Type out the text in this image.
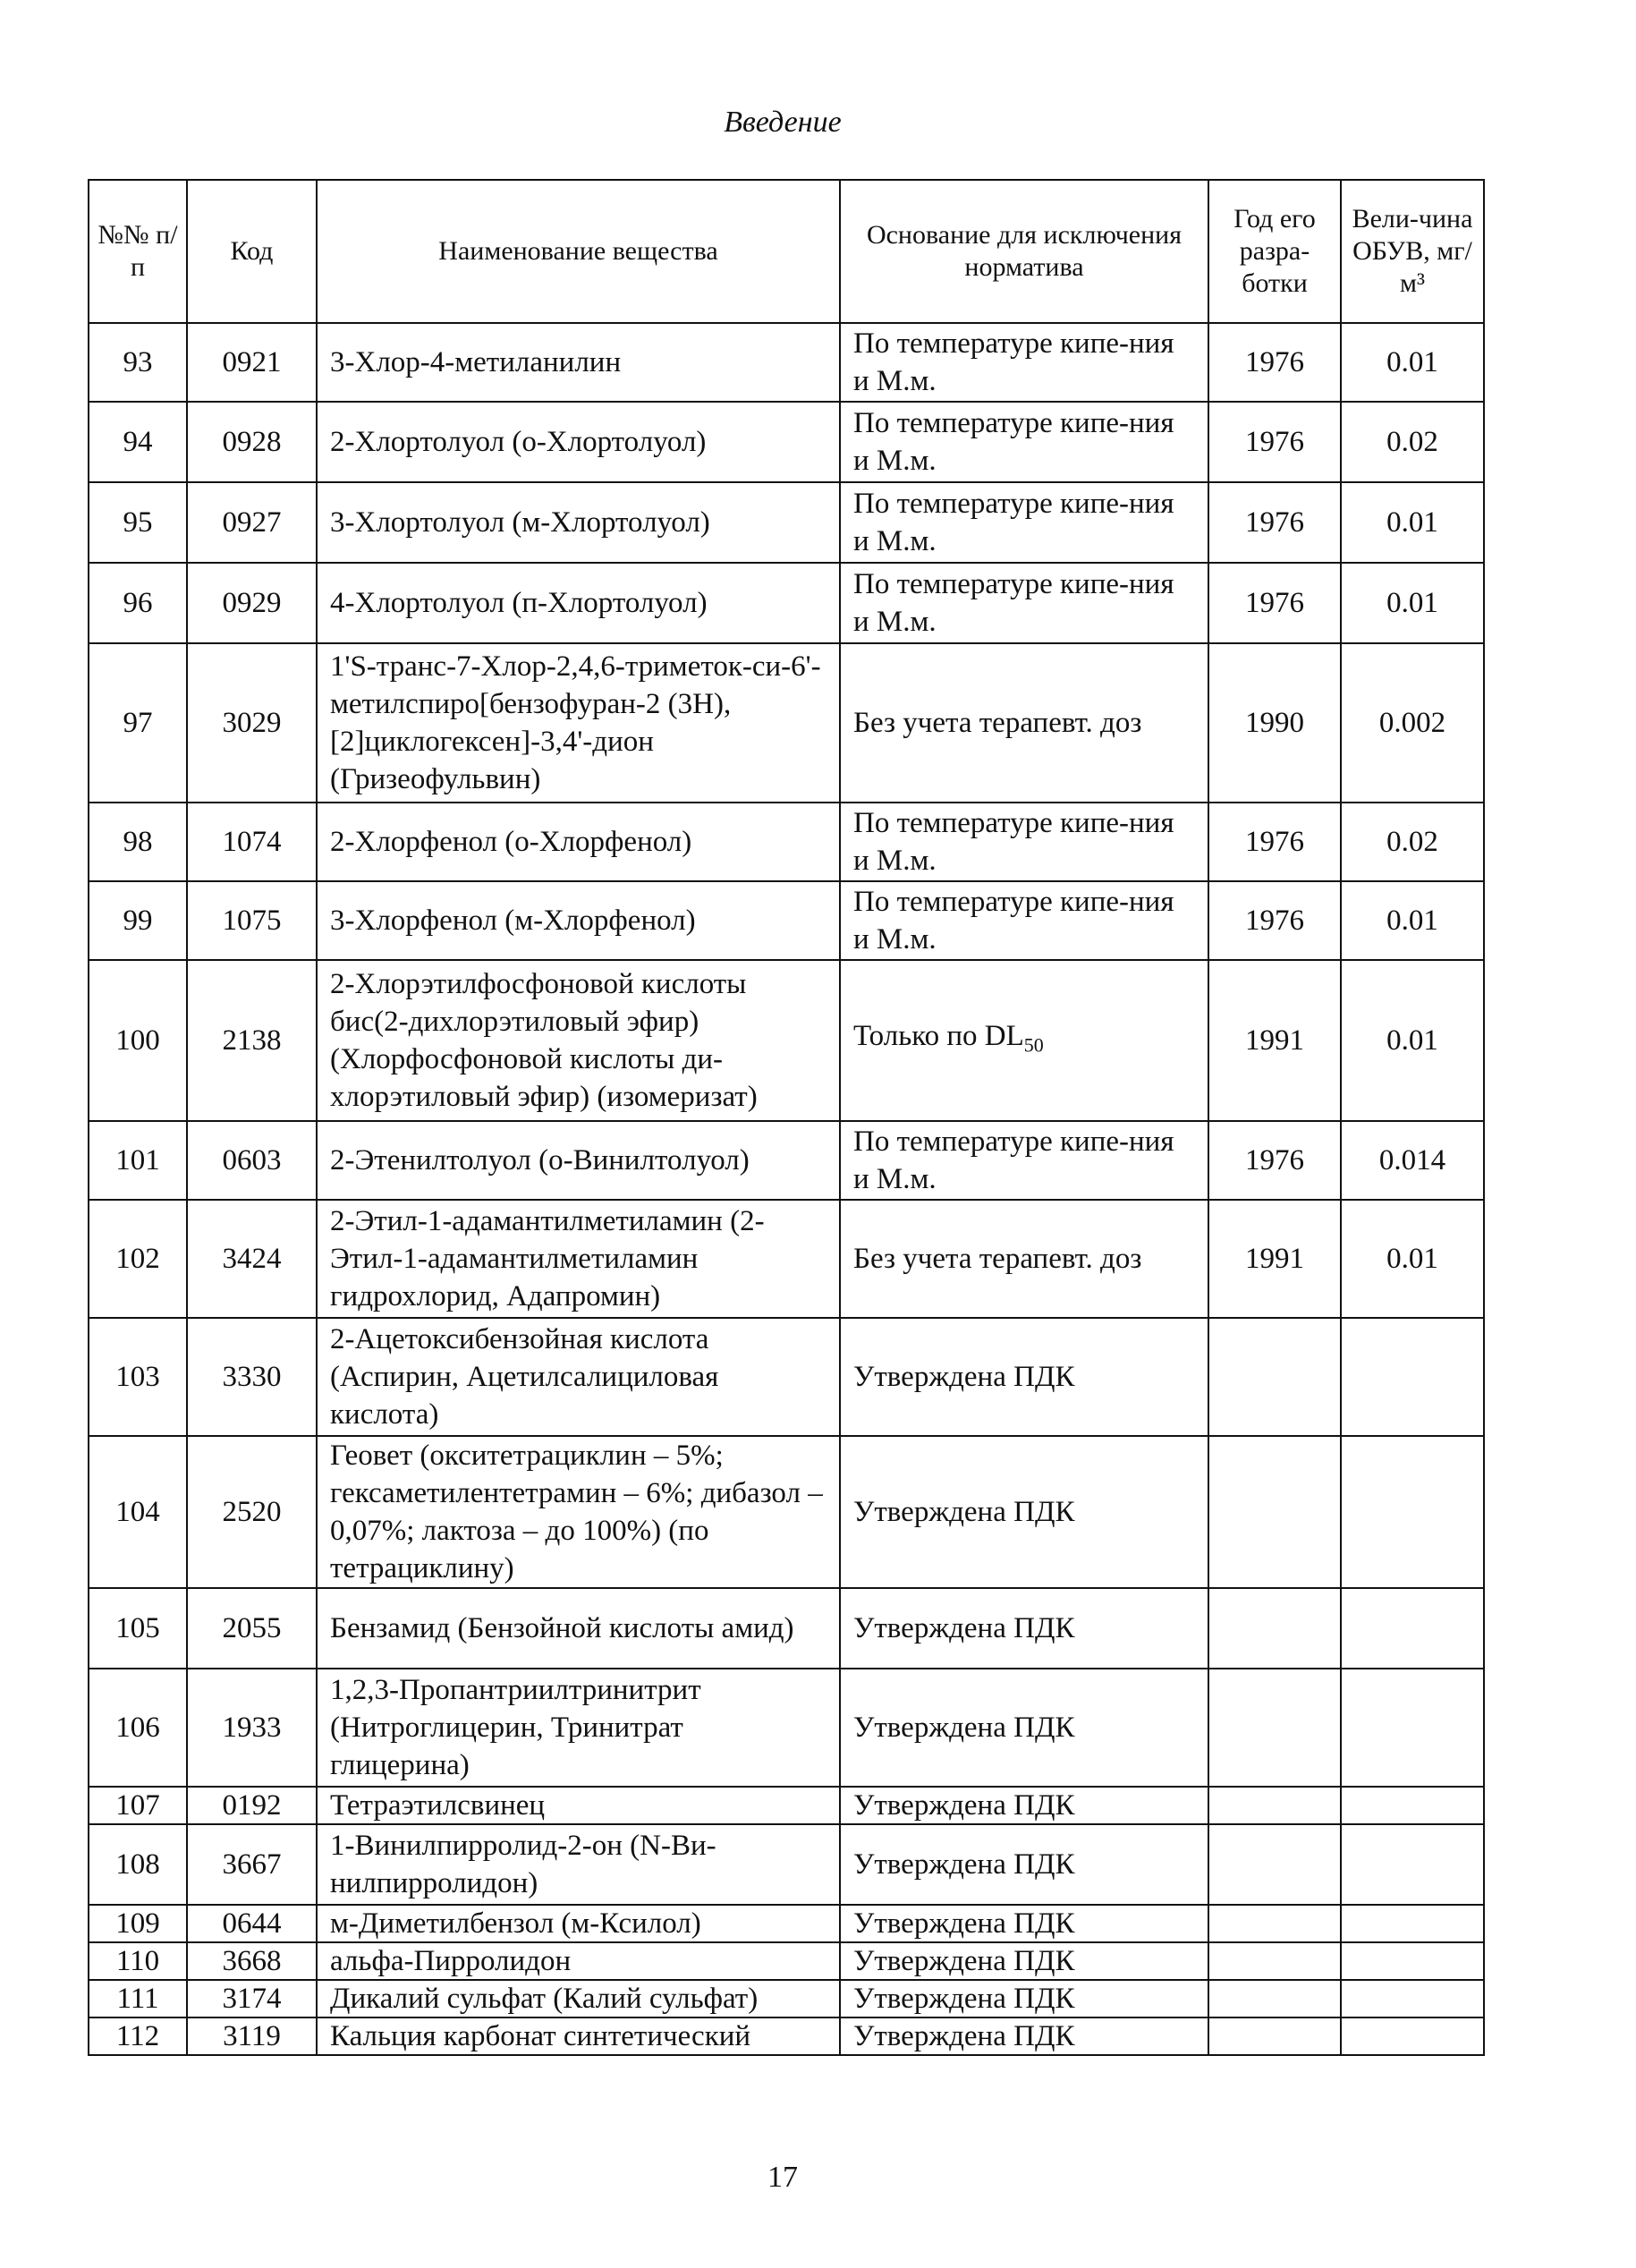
Введение
№№ п/п	Код	Наименование вещества	Основание для исключения норматива	Год его разра-ботки	Вели-чина ОБУВ, мг/м³
93	0921	3-Хлор-4-метиланилин	По температуре кипе-ния и М.м.	1976	0.01
94	0928	2-Хлортолуол (о-Хлортолуол)	По температуре кипе-ния и М.м.	1976	0.02
95	0927	3-Хлортолуол (м-Хлортолуол)	По температуре кипе-ния и М.м.	1976	0.01
96	0929	4-Хлортолуол (п-Хлортолуол)	По температуре кипе-ния и М.м.	1976	0.01
97	3029	1'S-транс-7-Хлор-2,4,6-триметок-си-6'-метилспиро[бензофуран-2 (3Н), [2]циклогексен]-3,4'-дион (Гризеофульвин)	Без учета терапевт. доз	1990	0.002
98	1074	2-Хлорфенол (о-Хлорфенол)	По температуре кипе-ния и М.м.	1976	0.02
99	1075	3-Хлорфенол (м-Хлорфенол)	По температуре кипе-ния и М.м.	1976	0.01
100	2138	2-Хлорэтилфосфоновой кислоты бис(2-дихлорэтиловый эфир) (Хлорфосфоновой кислоты ди-хлорэтиловый эфир) (изомеризат)	Только по $DL_{50}$	1991	0.01
101	0603	2-Этенилтолуол (о-Винилтолуол)	По температуре кипе-ния и М.м.	1976	0.014
102	3424	2-Этил-1-адамантилметиламин (2-Этил-1-адамантилметиламин гидрохлорид, Адапромин)	Без учета терапевт. доз	1991	0.01
103	3330	2-Ацетоксибензойная кислота (Аспирин, Ацетилсалициловая кислота)	Утверждена ПДК		
104	2520	Геовет (окситетрациклин – 5%; гексаметилентетрамин – 6%; дибазол – 0,07%; лактоза – до 100%) (по тетрациклину)	Утверждена ПДК		
105	2055	Бензамид (Бензойной кислоты амид)	Утверждена ПДК		
106	1933	1,2,3-Пропантриилтринитрит (Нитроглицерин, Тринитрат глицерина)	Утверждена ПДК		
107	0192	Тетраэтилсвинец	Утверждена ПДК		
108	3667	1-Винилпирролид-2-он (N-Ви-нилпирролидон)	Утверждена ПДК		
109	0644	м-Диметилбензол (м-Ксилол)	Утверждена ПДК		
110	3668	альфа-Пирролидон	Утверждена ПДК		
111	3174	Дикалий сульфат (Калий сульфат)	Утверждена ПДК		
112	3119	Кальция карбонат синтетический	Утверждена ПДК		
17
